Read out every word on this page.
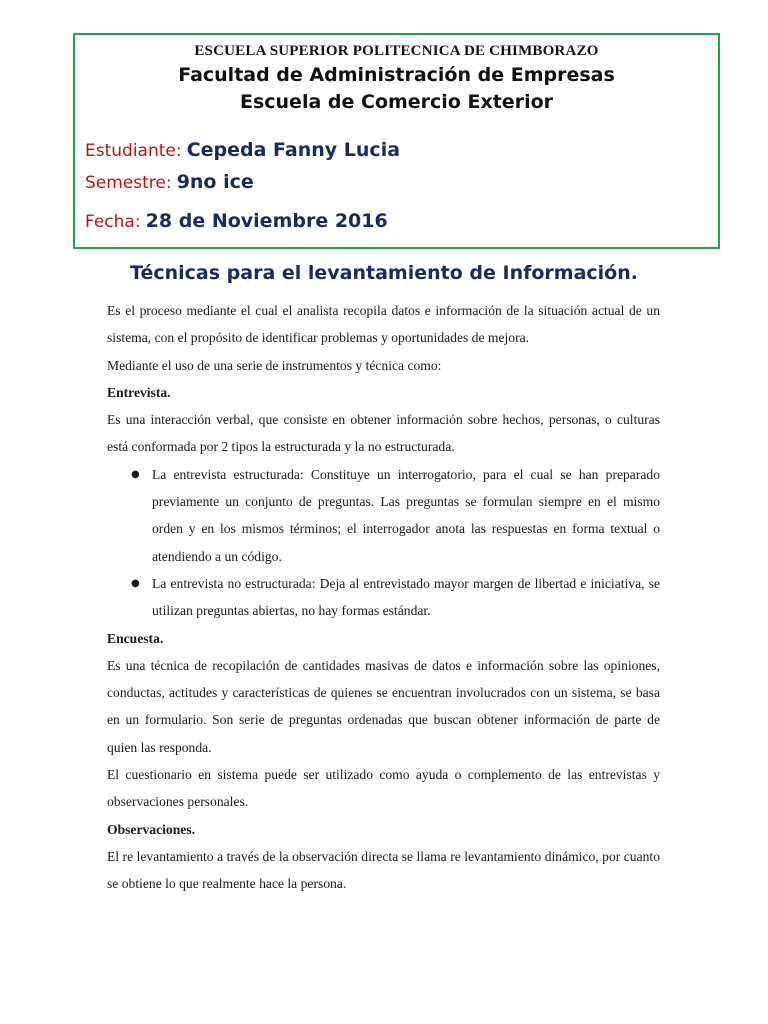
ESCUELA SUPERIOR POLITECNICA DE CHIMBORAZO
Facultad de Administración de Empresas
Escuela de Comercio Exterior
Estudiante: Cepeda Fanny Lucia
Semestre: 9no ice
Fecha: 28 de Noviembre 2016
Técnicas para el levantamiento de Información.

Es el proceso mediante el cual el analista recopila datos e información de la situación actual de un sistema, con el propósito de identificar problemas y oportunidades de mejora.

Mediante el uso de una serie de instrumentos y técnica como:

Entrevista.

Es una interacción verbal, que consiste en obtener información sobre hechos, personas, o culturas está conformada por 2 tipos la estructurada y la no estructurada.

● La entrevista estructurada: Constituye un interrogatorio, para el cual se han preparado previamente un conjunto de preguntas. Las preguntas se formulan siempre en el mismo orden y en los mismos términos; el interrogador anota las respuestas en forma textual o atendiendo a un código.
● La entrevista no estructurada: Deja al entrevistado mayor margen de libertad e iniciativa, se utilizan preguntas abiertas, no hay formas estándar.
Encuesta.

Es una técnica de recopilación de cantidades masivas de datos e información sobre las opiniones, conductas, actitudes y características de quienes se encuentran involucrados con un sistema, se basa en un formulario. Son serie de preguntas ordenadas que buscan obtener información de parte de quien las responda.

El cuestionario en sistema puede ser utilizado como ayuda o complemento de las entrevistas y observaciones personales.

Observaciones.

El re levantamiento a través de la observación directa se llama re levantamiento dinámico, por cuanto se obtiene lo que realmente hace la persona.
